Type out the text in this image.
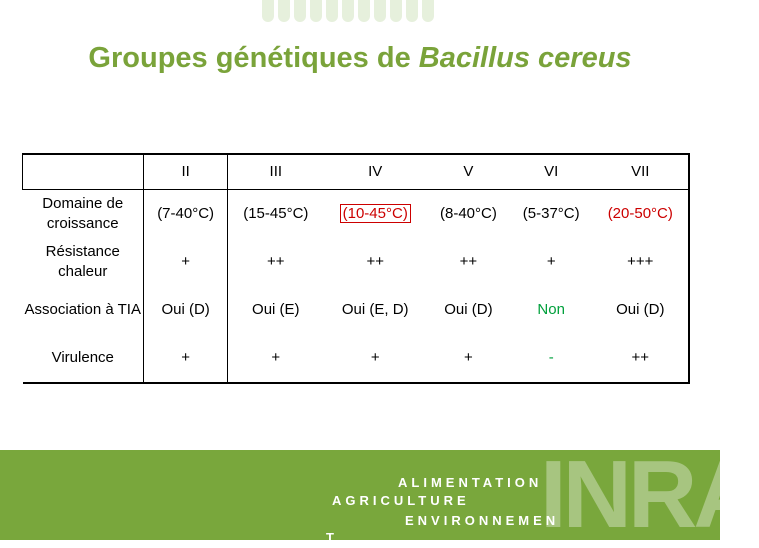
Groupes génétiques de Bacillus cereus
	II	III	IV	V	VI	VII
Domaine de croissance	(7-40°C)	(15-45°C)	(10-45°C)	(8-40°C)	(5-37°C)	(20-50°C)
Résistance chaleur	+	++	++	++	+	+++
Association à TIA	Oui (D)	Oui (E)	Oui (E, D)	Oui (D)	Non	Oui (D)
Virulence	+	+	+	+	-	++
INRA
ALIMENTATION
AGRICULTURE
ENVIRONNEMEN
T
